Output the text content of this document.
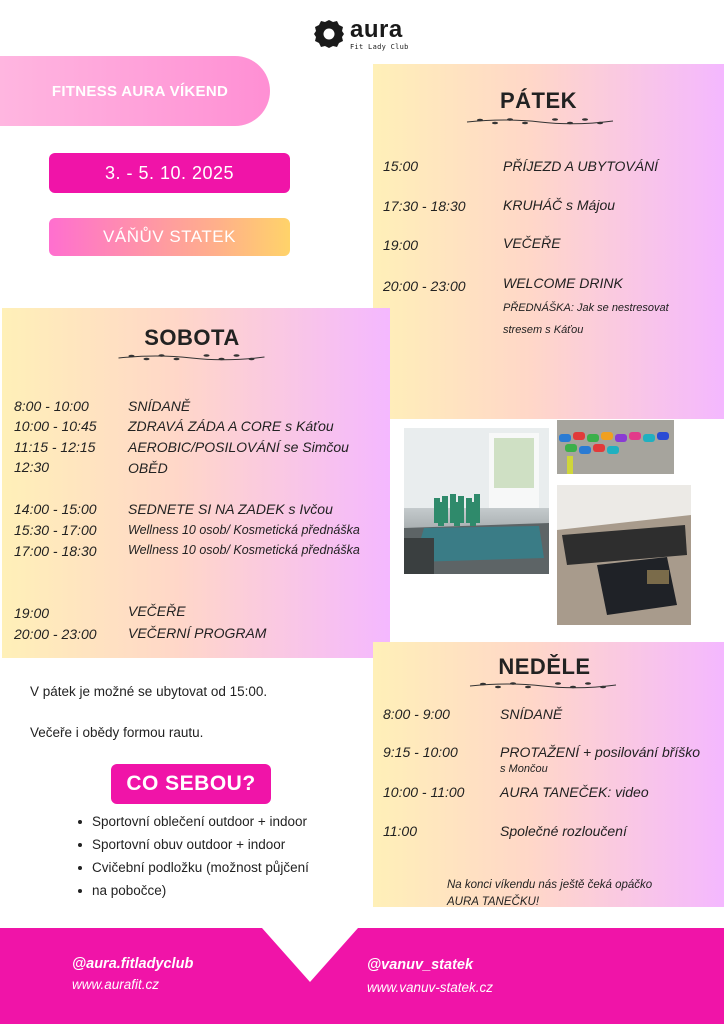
aura
Fit Lady Club
FITNESS AURA VÍKEND
3. - 5. 10. 2025
VÁŇŮV STATEK
PÁTEK
15:00	PŘÍJEZD A UBYTOVÁNÍ
17:30 - 18:30	KRUHÁČ s Májou
19:00	VEČEŘE
20:00 - 23:00	WELCOME DRINK
PŘEDNÁŠKA: Jak se nestresovat
stresem s Káťou
SOBOTA
8:00 - 10:00	SNÍDANĚ
10:00 - 10:45 ZDRAVÁ ZÁDA A CORE s Káťou
11:15 - 12:15 AEROBIC/POSILOVÁNÍ se Simčou
12:30	OBĚD
14:00 - 15:00 SEDNETE SI NA ZADEK s Ivčou
15:30 - 17:00	Wellness 10 osob/ Kosmetická přednáška
17:00 - 18:30	Wellness 10 osob/ Kosmetická přednáška
19:00	VEČEŘE
20:00 - 23:00 VEČERNÍ PROGRAM
NEDĚLE
8:00 - 9:00	SNÍDANĚ
9:15 - 10:00	PROTAŽENÍ + posilování bříško
s Mončou
10:00 - 11:00	AURA TANEČEK: video
11:00	Společné rozloučení
Na konci víkendu nás ještě čeká opáčko
AURA TANEČKU!
V pátek je možné se ubytovat od 15:00.
Večeře i obědy formou rautu.
CO SEBOU?
Sportovní oblečení outdoor + indoor
Sportovní obuv outdoor + indoor
Cvičební podložku (možnost půjčení
na pobočce)
@aura.fitladyclub
www.aurafit.cz
@vanuv_statek
www.vanuv-statek.cz
